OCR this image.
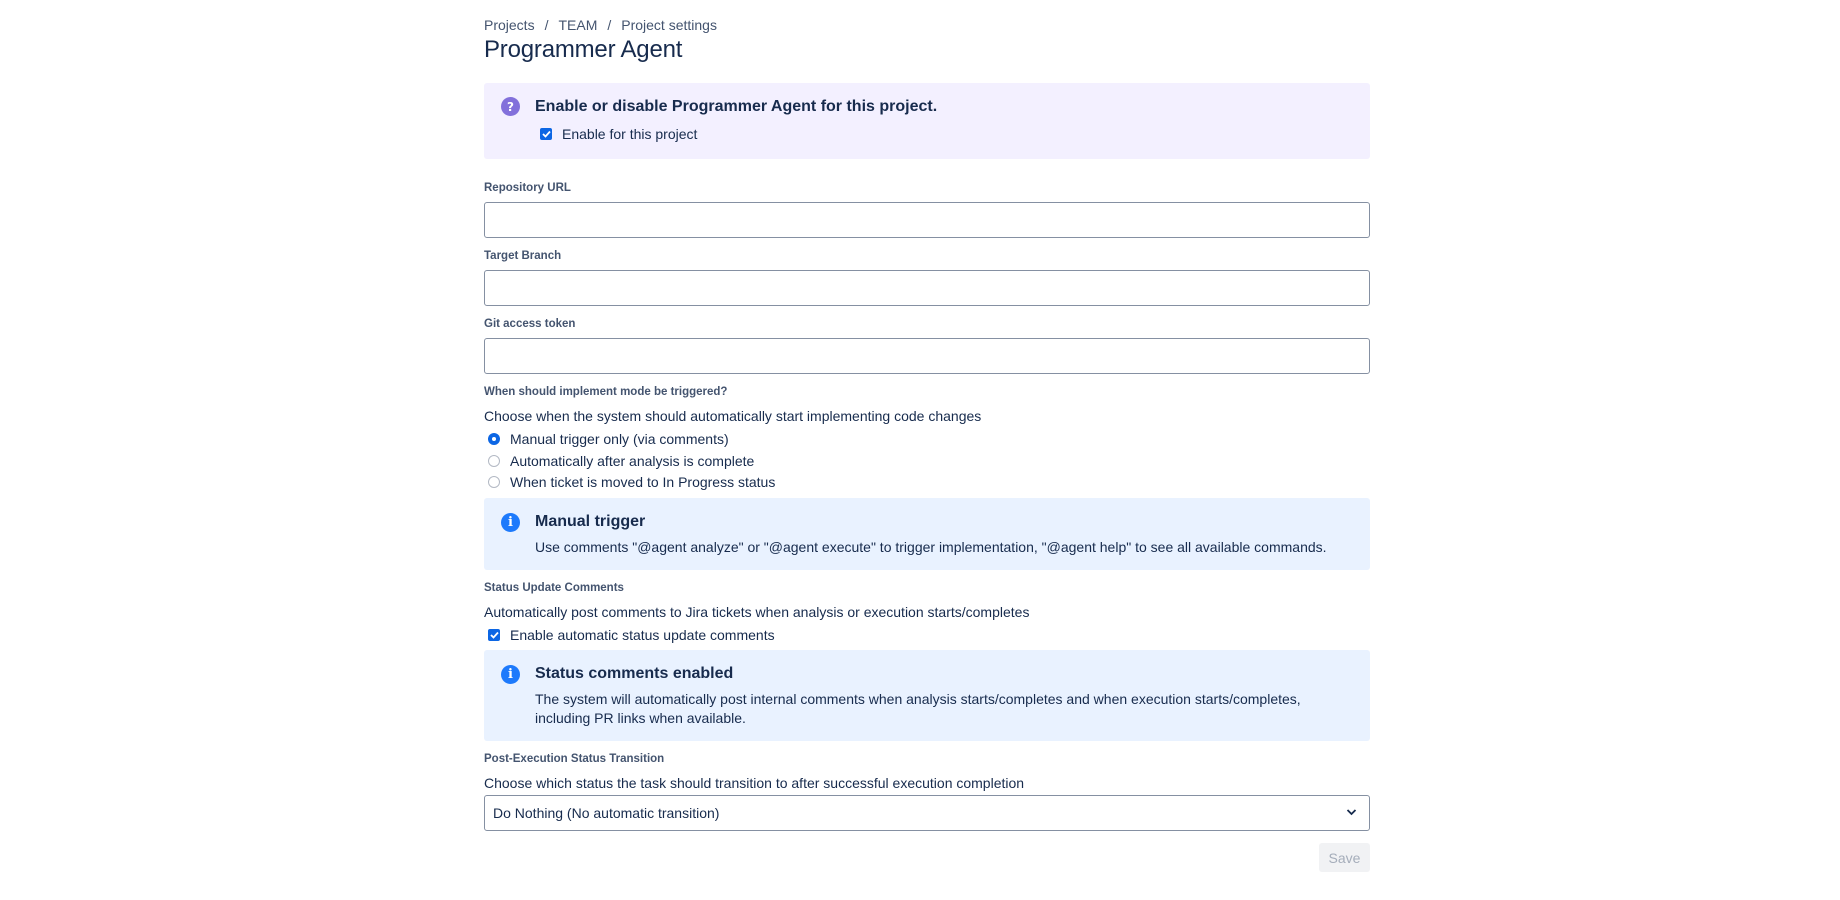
Projects / TEAM / Project settings
Programmer Agent
?	Enable or disable Programmer Agent for this project.
Enable for this project
Repository URL
Target Branch
Git access token
When should implement mode be triggered?
Choose when the system should automatically start implementing code changes
Manual trigger only (via comments)
Automatically after analysis is complete
When ticket is moved to In Progress status
i	Manual trigger
Use comments "@agent analyze" or "@agent execute" to trigger implementation, "@agent help" to see all available commands.
Status Update Comments
Automatically post comments to Jira tickets when analysis or execution starts/completes
Enable automatic status update comments
i	Status comments enabled
The system will automatically post internal comments when analysis starts/completes and when execution starts/completes, including PR links when available.
Post-Execution Status Transition
Choose which status the task should transition to after successful execution completion
Do Nothing (No automatic transition)
Save
